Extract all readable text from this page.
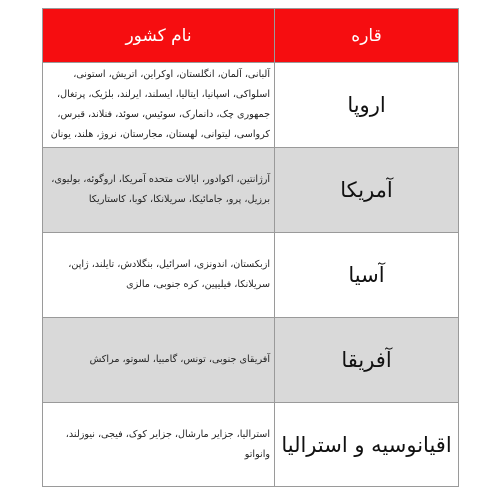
قاره	نام کشور
اروپا	آلبانی، آلمان، انگلستان، اوکراین، اتریش، استونی، اسلواکی، اسپانیا، ایتالیا، ایسلند، ایرلند، بلژیک، پرتغال، جمهوری چک، دانمارک، سوئیس، سوئد، فنلاند، قبرس، کرواسی، لیتوانی، لهستان، مجارستان، نروژ، هلند، یونان
آمریکا	آرژانتین، اکوادور، ایالات متحده آمریکا، اروگوئه، بولیوی، برزیل، پرو، جامائیکا، سریلانکا، کوبا، کاستاریکا
آسیا	ازبکستان، اندونزی، اسرائیل، بنگلادش، تایلند، ژاپن، سریلانکا، فیلیپین، کره جنوبی، مالزی
آفریقا	آفریقای جنوبی، تونس، گامبیا، لسوتو، مراکش
اقیانوسیه و استرالیا	استرالیا، جزایر مارشال، جزایر کوک، فیجی، نیوزلند، وانواتو
